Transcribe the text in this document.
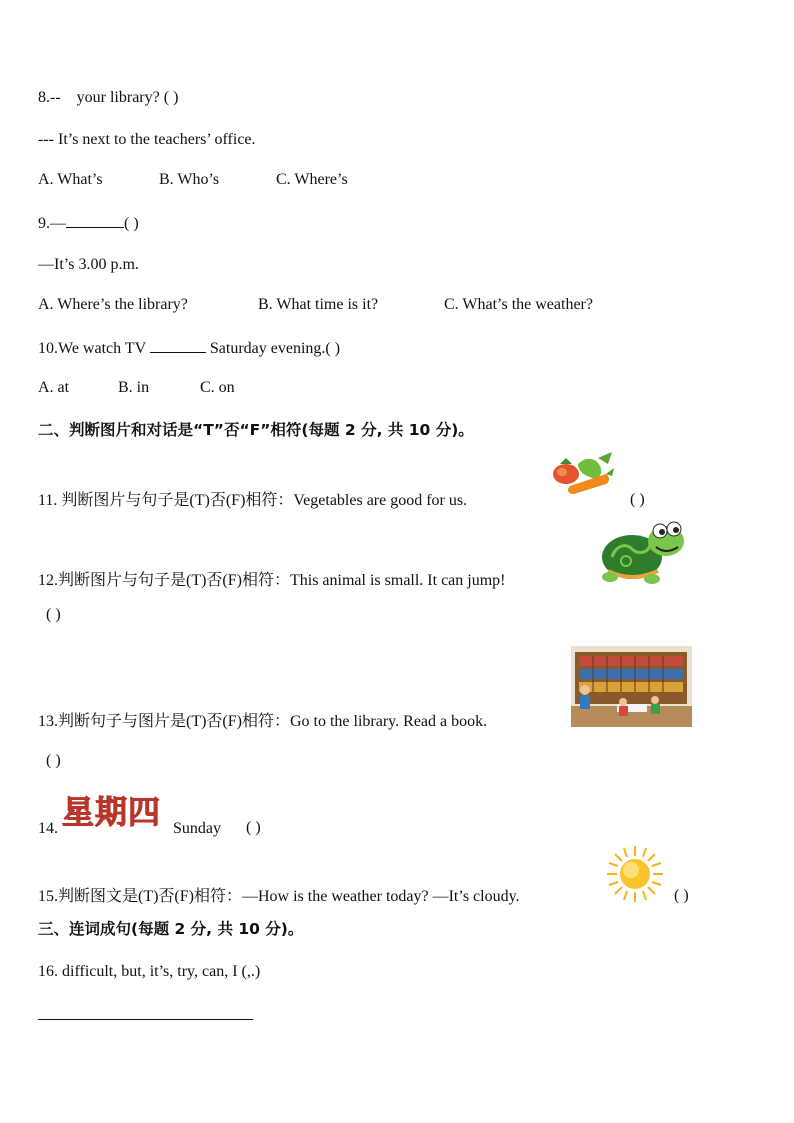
8.-- your library? ( )
--- It’s next to the teachers’ office.
A. What’s	B. Who’s	C. Where’s
9.—	( )
—It’s 3.00 p.m.
A. Where’s the library?	B. What time is it?	C. What’s the weather?
10.We watch TV	Saturday evening.( )
A. at	B. in	C. on
二、判断图片和对话是“T”否“F”相符(每题 2 分, 共 10 分)。
11. 判断图片与句子是(T)否(F)相符：Vegetables are good for us.	( )
12.判断图片与句子是(T)否(F)相符：This animal is small. It can jump!
( )
13.判断句子与图片是(T)否(F)相符：Go to the library. Read a book.
( )
14. 星期四 Sunday ( )
15.判断图文是(T)否(F)相符：—How is the weather today? —It’s cloudy.	( )
三、连词成句(每题 2 分, 共 10 分)。
16. difficult, but, it’s, try, can, I (,.)
